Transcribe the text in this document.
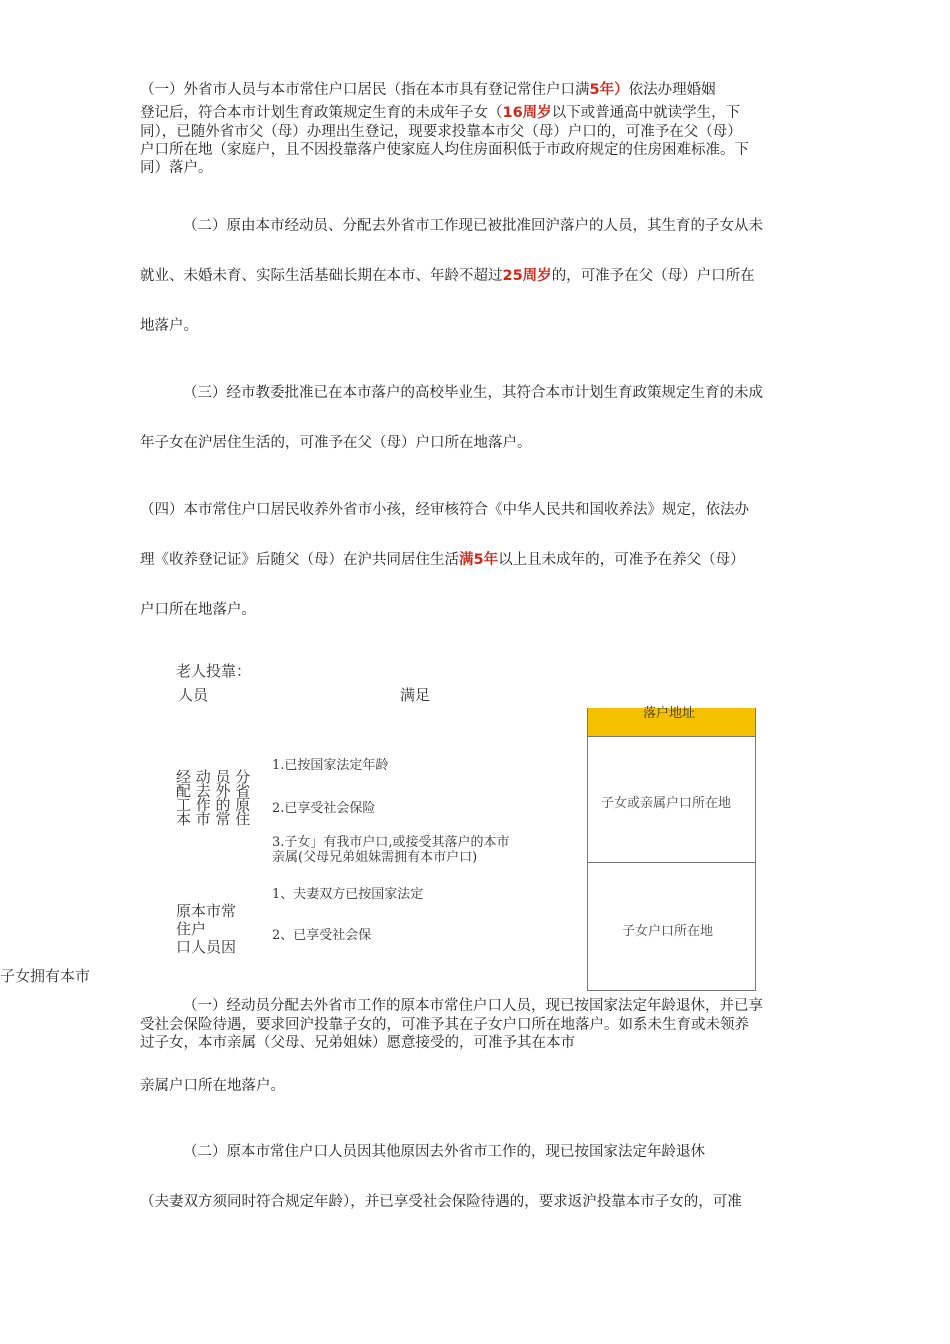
（一）外省市人员与本市常住户口居民（指在本市具有登记常住户口满5年）依法办理婚姻
登记后，符合本市计划生育政策规定生育的未成年子女（16周岁以下或普通高中就读学生，下
同），已随外省市父（母）办理出生登记，现要求投靠本市父（母）户口的，可准予在父（母）
户口所在地（家庭户，且不因投靠落户使家庭人均住房面积低于市政府规定的住房困难标准。下
同）落户。
（二）原由本市经动员、分配去外省市工作现已被批准回沪落户的人员，其生育的子女从未
就业、未婚未育、实际生活基础长期在本市、年龄不超过25周岁的，可准予在父（母）户口所在
地落户。
（三）经市教委批准已在本市落户的高校毕业生，其符合本市计划生育政策规定生育的未成
年子女在沪居住生活的，可准予在父（母）户口所在地落户。
（四）本市常住户口居民收养外省市小孩，经审核符合《中华人民共和国收养法》规定，依法办
理《收养登记证》后随父（母）在沪共同居住生活满5年以上且未成年的，可准予在养父（母）
户口所在地落户。
老人投靠：
人员	满足
经 动 员 分
配 去 外 省
工 作 的 原
本 市 常 住
1.已按国家法定年龄
2.已享受社会保险
3.子女」有我市户口,或接受其落户的本市
亲属(父母兄弟姐妹需拥有本市户口)
1、夫妻双方已按国家法定
2、已享受社会保
原本市常
住户
口人员因
子女拥有本市
落户地址
子女或亲属户口所在地
子女户口所在地
（一）经动员分配去外省市工作的原本市常住户口人员，现已按国家法定年龄退休，并已享
受社会保险待遇，要求回沪投靠子女的，可准予其在子女户口所在地落户。如系未生育或未领养
过子女，本市亲属（父母、兄弟姐妹）愿意接受的，可准予其在本市
亲属户口所在地落户。
（二）原本市常住户口人员因其他原因去外省市工作的，现已按国家法定年龄退休
（夫妻双方须同时符合规定年龄），并已享受社会保险待遇的，要求返沪投靠本市子女的，可准
